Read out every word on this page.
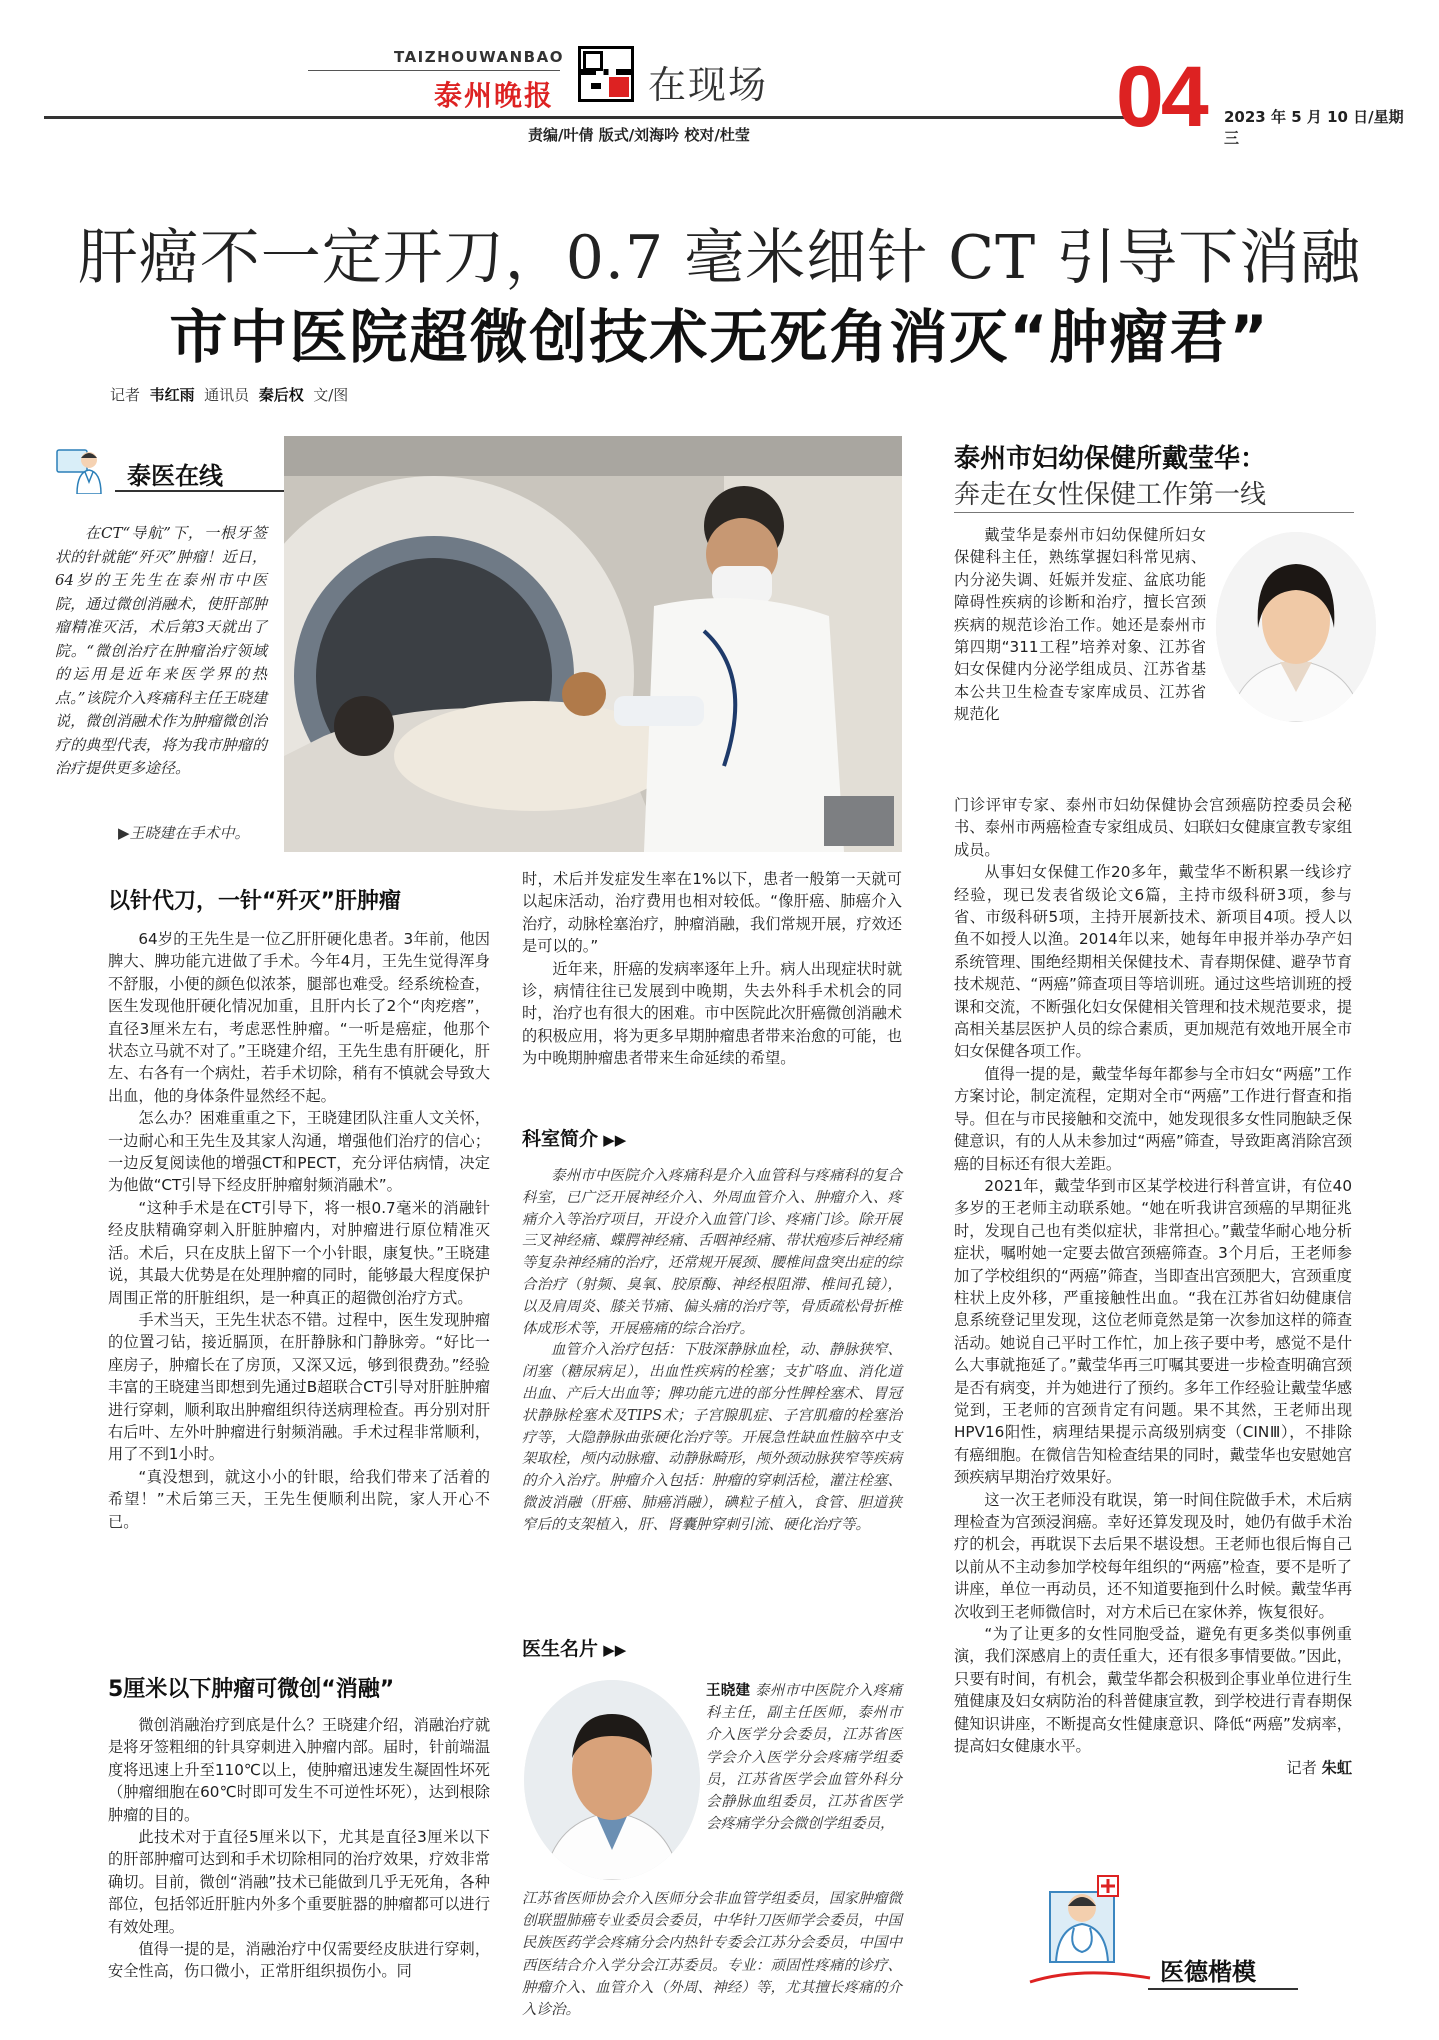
TAIZHOUWANBAO
泰州晚报 在现场
责编/叶倩 版式/刘海吟 校对/杜莹	04 2023 年 5 月 10 日/星期三
肝癌不一定开刀，0.7 毫米细针 CT 引导下消融
市中医院超微创技术无死角消灭“肿瘤君”
记者 韦红雨 通讯员 秦后权 文/图
泰医在线
在CT“导航”下，一根牙签状的针就能“歼灭”肿瘤！近日，64岁的王先生在泰州市中医院，通过微创消融术，使肝部肿瘤精准灭活，术后第3天就出了院。“微创治疗在肿瘤治疗领域的运用是近年来医学界的热点。”该院介入疼痛科主任王晓建说，微创消融术作为肿瘤微创治疗的典型代表，将为我市肿瘤的治疗提供更多途径。
▶王晓建在手术中。
以针代刀，一针“歼灭”肝肿瘤

64岁的王先生是一位乙肝肝硬化患者。3年前，他因脾大、脾功能亢进做了手术。今年4月，王先生觉得浑身不舒服，小便的颜色似浓茶，腿部也难受。经系统检查，医生发现他肝硬化情况加重，且肝内长了2个“肉疙瘩”，直径3厘米左右，考虑恶性肿瘤。“一听是癌症，他那个状态立马就不对了。”王晓建介绍，王先生患有肝硬化，肝左、右各有一个病灶，若手术切除，稍有不慎就会导致大出血，他的身体条件显然经不起。

怎么办？困难重重之下，王晓建团队注重人文关怀，一边耐心和王先生及其家人沟通，增强他们治疗的信心；一边反复阅读他的增强CT和PECT，充分评估病情，决定为他做“CT引导下经皮肝肿瘤射频消融术”。

“这种手术是在CT引导下，将一根0.7毫米的消融针经皮肤精确穿刺入肝脏肿瘤内，对肿瘤进行原位精准灭活。术后，只在皮肤上留下一个小针眼，康复快。”王晓建说，其最大优势是在处理肿瘤的同时，能够最大程度保护周围正常的肝脏组织，是一种真正的超微创治疗方式。

手术当天，王先生状态不错。过程中，医生发现肿瘤的位置刁钻，接近膈顶，在肝静脉和门静脉旁。“好比一座房子，肿瘤长在了房顶，又深又远，够到很费劲。”经验丰富的王晓建当即想到先通过B超联合CT引导对肝脏肿瘤进行穿刺，顺利取出肿瘤组织待送病理检查。再分别对肝右后叶、左外叶肿瘤进行射频消融。手术过程非常顺利，用了不到1小时。

“真没想到，就这小小的针眼，给我们带来了活着的希望！”术后第三天，王先生便顺利出院，家人开心不已。

5厘米以下肿瘤可微创“消融”

微创消融治疗到底是什么？王晓建介绍，消融治疗就是将牙签粗细的针具穿刺进入肿瘤内部。届时，针前端温度将迅速上升至110℃以上，使肿瘤迅速发生凝固性坏死（肿瘤细胞在60℃时即可发生不可逆性坏死），达到根除肿瘤的目的。

此技术对于直径5厘米以下，尤其是直径3厘米以下的肝部肿瘤可达到和手术切除相同的治疗效果，疗效非常确切。目前，微创“消融”技术已能做到几乎无死角，各种部位，包括邻近肝脏内外多个重要脏器的肿瘤都可以进行有效处理。

值得一提的是，消融治疗中仅需要经皮肤进行穿刺，安全性高，伤口微小，正常肝组织损伤小。同

时，术后并发症发生率在1%以下，患者一般第一天就可以起床活动，治疗费用也相对较低。“像肝癌、肺癌介入治疗，动脉栓塞治疗，肿瘤消融，我们常规开展，疗效还是可以的。”

近年来，肝癌的发病率逐年上升。病人出现症状时就诊，病情往往已发展到中晚期，失去外科手术机会的同时，治疗也有很大的困难。市中医院此次肝癌微创消融术的积极应用，将为更多早期肿瘤患者带来治愈的可能，也为中晚期肿瘤患者带来生命延续的希望。

科室简介 ▶▶

泰州市中医院介入疼痛科是介入血管科与疼痛科的复合科室，已广泛开展神经介入、外周血管介入、肿瘤介入、疼痛介入等治疗项目，开设介入血管门诊、疼痛门诊。除开展三叉神经痛、蝶腭神经痛、舌咽神经痛、带状疱疹后神经痛等复杂神经痛的治疗，还常规开展颈、腰椎间盘突出症的综合治疗（射频、臭氧、胶原酶、神经根阻滞、椎间孔镜），以及肩周炎、膝关节痛、偏头痛的治疗等，骨质疏松骨折椎体成形术等，开展癌痛的综合治疗。

血管介入治疗包括：下肢深静脉血栓，动、静脉狭窄、闭塞（糖尿病足），出血性疾病的栓塞；支扩咯血、消化道出血、产后大出血等；脾功能亢进的部分性脾栓塞术、胃冠状静脉栓塞术及TIPS术；子宫腺肌症、子宫肌瘤的栓塞治疗等，大隐静脉曲张硬化治疗等。开展急性缺血性脑卒中支架取栓，颅内动脉瘤、动静脉畸形，颅外颈动脉狭窄等疾病的介入治疗。肿瘤介入包括：肿瘤的穿刺活检，灌注栓塞、微波消融（肝癌、肺癌消融），碘粒子植入，食管、胆道狭窄后的支架植入，肝、肾囊肿穿刺引流、硬化治疗等。

医生名片 ▶▶
王晓建 泰州市中医院介入疼痛科主任，副主任医师，泰州市介入医学分会委员，江苏省医学会介入医学分会疼痛学组委员，江苏省医学会血管外科分会静脉血组委员，江苏省医学会疼痛学分会微创学组委员，
江苏省医师协会介入医师分会非血管学组委员，国家肿瘤微创联盟肺癌专业委员会委员，中华针刀医师学会委员，中国民族医药学会疼痛分会内热针专委会江苏分会委员，中国中西医结合介入学分会江苏委员。专业：顽固性疼痛的诊疗、肿瘤介入、血管介入（外周、神经）等，尤其擅长疼痛的介入诊治。
泰州市妇幼保健所戴莹华：
奔走在女性保健工作第一线

戴莹华是泰州市妇幼保健所妇女保健科主任，熟练掌握妇科常见病、内分泌失调、妊娠并发症、盆底功能障碍性疾病的诊断和治疗，擅长宫颈疾病的规范诊治工作。她还是泰州市第四期“311工程”培养对象、江苏省妇女保健内分泌学组成员、江苏省基本公共卫生检查专家库成员、江苏省规范化

门诊评审专家、泰州市妇幼保健协会宫颈癌防控委员会秘书、泰州市两癌检查专家组成员、妇联妇女健康宣教专家组成员。

从事妇女保健工作20多年，戴莹华不断积累一线诊疗经验，现已发表省级论文6篇，主持市级科研3项，参与省、市级科研5项，主持开展新技术、新项目4项。授人以鱼不如授人以渔。2014年以来，她每年申报并举办孕产妇系统管理、围绝经期相关保健技术、青春期保健、避孕节育技术规范、“两癌”筛查项目等培训班。通过这些培训班的授课和交流，不断强化妇女保健相关管理和技术规范要求，提高相关基层医护人员的综合素质，更加规范有效地开展全市妇女保健各项工作。

值得一提的是，戴莹华每年都参与全市妇女“两癌”工作方案讨论，制定流程，定期对全市“两癌”工作进行督查和指导。但在与市民接触和交流中，她发现很多女性同胞缺乏保健意识，有的人从未参加过“两癌”筛查，导致距离消除宫颈癌的目标还有很大差距。

2021年，戴莹华到市区某学校进行科普宣讲，有位40多岁的王老师主动联系她。“她在听我讲宫颈癌的早期征兆时，发现自己也有类似症状，非常担心。”戴莹华耐心地分析症状，嘱咐她一定要去做宫颈癌筛查。3个月后，王老师参加了学校组织的“两癌”筛查，当即查出宫颈肥大，宫颈重度柱状上皮外移，严重接触性出血。“我在江苏省妇幼健康信息系统登记里发现，这位老师竟然是第一次参加这样的筛查活动。她说自己平时工作忙，加上孩子要中考，感觉不是什么大事就拖延了。”戴莹华再三叮嘱其要进一步检查明确宫颈是否有病变，并为她进行了预约。多年工作经验让戴莹华感觉到，王老师的宫颈肯定有问题。果不其然，王老师出现HPV16阳性，病理结果提示高级别病变（CINⅢ），不排除有癌细胞。在微信告知检查结果的同时，戴莹华也安慰她宫颈疾病早期治疗效果好。

这一次王老师没有耽误，第一时间住院做手术，术后病理检查为宫颈浸润癌。幸好还算发现及时，她仍有做手术治疗的机会，再耽误下去后果不堪设想。王老师也很后悔自己以前从不主动参加学校每年组织的“两癌”检查，要不是听了讲座，单位一再动员，还不知道要拖到什么时候。戴莹华再次收到王老师微信时，对方术后已在家休养，恢复很好。

“为了让更多的女性同胞受益，避免有更多类似事例重演，我们深感肩上的责任重大，还有很多事情要做。”因此，只要有时间，有机会，戴莹华都会积极到企事业单位进行生殖健康及妇女病防治的科普健康宣教，到学校进行青春期保健知识讲座，不断提高女性健康意识、降低“两癌”发病率，提高妇女健康水平。

记者 朱虹

医德楷模
